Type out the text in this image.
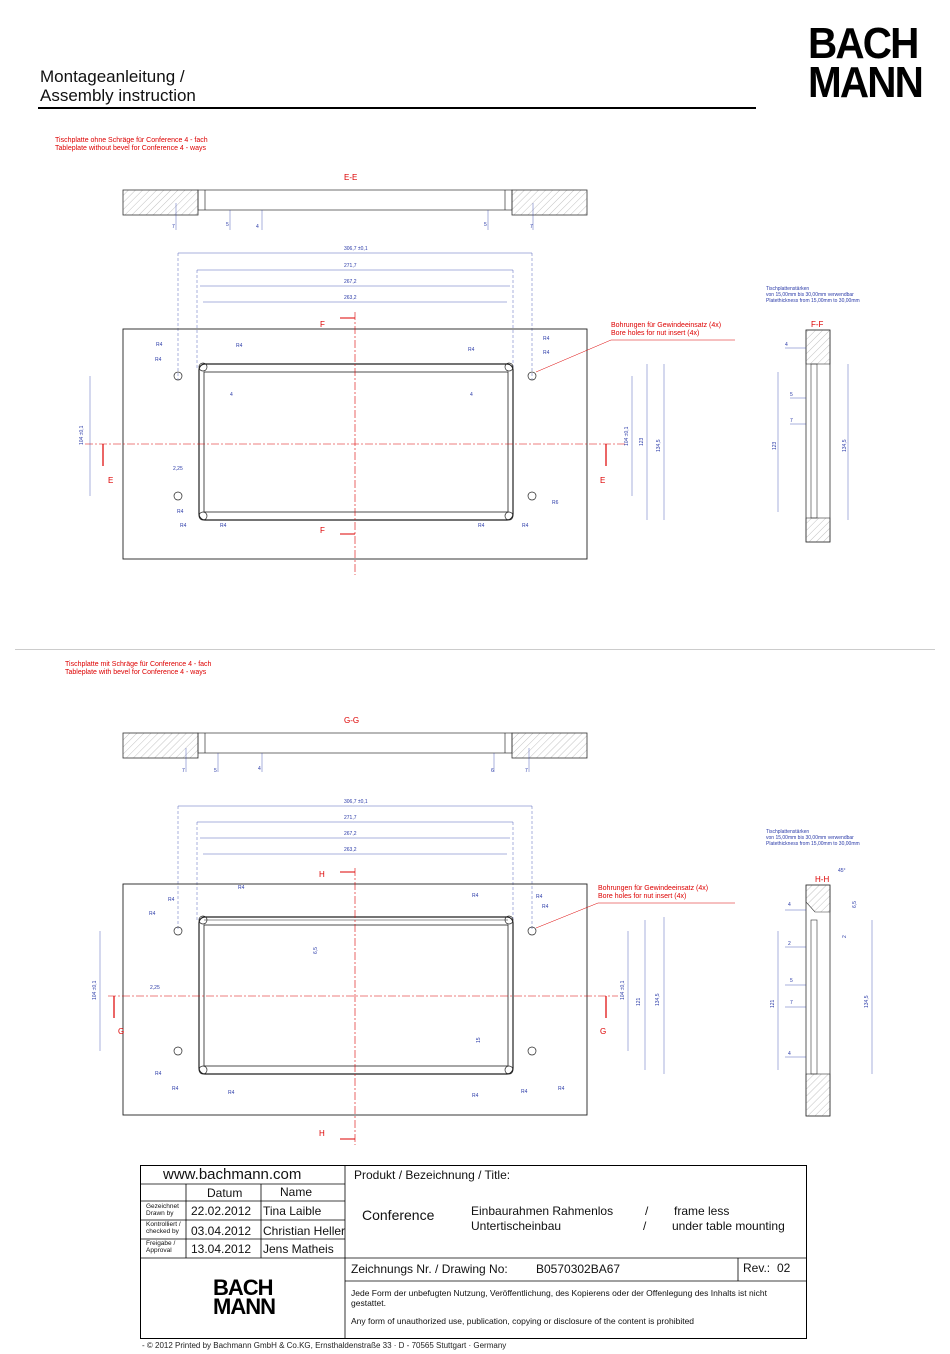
Montageanleitung /
Assembly instruction
BACH
MANN
Tischplatte ohne Schräge für Conference 4 - fach
Tableplate without bevel for Conference 4 - ways
Bohrungen für Gewindeeinsatz (4x)
Bore holes for nut insert (4x)
Tischplattenstärken
von 15,00mm bis 30,00mm verwendbar
Platethickness from 15,00mm to 30,00mm
Tischplatte mit Schräge für Conference 4 - fach
Tableplate with bevel for Conference 4 - ways
Bohrungen für Gewindeeinsatz (4x)
Bore holes for nut insert (4x)
Tischplattenstärken
von 15,00mm bis 30,00mm verwendbar
Platethickness from 15,00mm to 30,00mm
E-E
7	5	4	5	7
306,7 ±0,1
271,7
267,2
263,2
F
F
E	E
R4
R4
R4
R4
R4
R4
R4
R4	R4	R4	R4
R6
4	4
2,25
104 ±0,1	104 ±0,1 123 134,5
F-F
4
5
7
123	134,5
G-G
7	5	4	6	7
306,7 ±0,1
271,7
267,2
263,2
H
H
G	G
R4
R4
R4
R4	R4
R4
R4
R4
R4	R4
R4	R4
2,25
6,5
15
104 ±0,1	104 ±0,1
121	134,5
H-H
45°
4
2
5
7
4
6,5
2
121	134,5
www.bachmann.com
Datum	Name
Gezeichnet
Drawn by	22.02.2012 Tina Laible
Kontrolliert /
checked by 03.04.2012 Christian Heller
Freigabe /
Approval	13.04.2012 Jens Matheis
Produkt / Bezeichnung / Title:
Conference	Einbaurahmen Rahmenlos
Untertischeinbau
/
/
frame less
under table mounting
BACH
MANN
Zeichnungs Nr. / Drawing No: B0570302BA67	Rev.: 02
Jede Form der unbefugten Nutzung, Veröffentlichung, des Kopierens oder der Offenlegung des Inhalts ist nicht gestattet.
Any form of unauthorized use, publication, copying or disclosure of the content is prohibited
- © 2012 Printed by Bachmann GmbH & Co.KG, Ernsthaldenstraße 33 · D - 70565 Stuttgart · Germany
